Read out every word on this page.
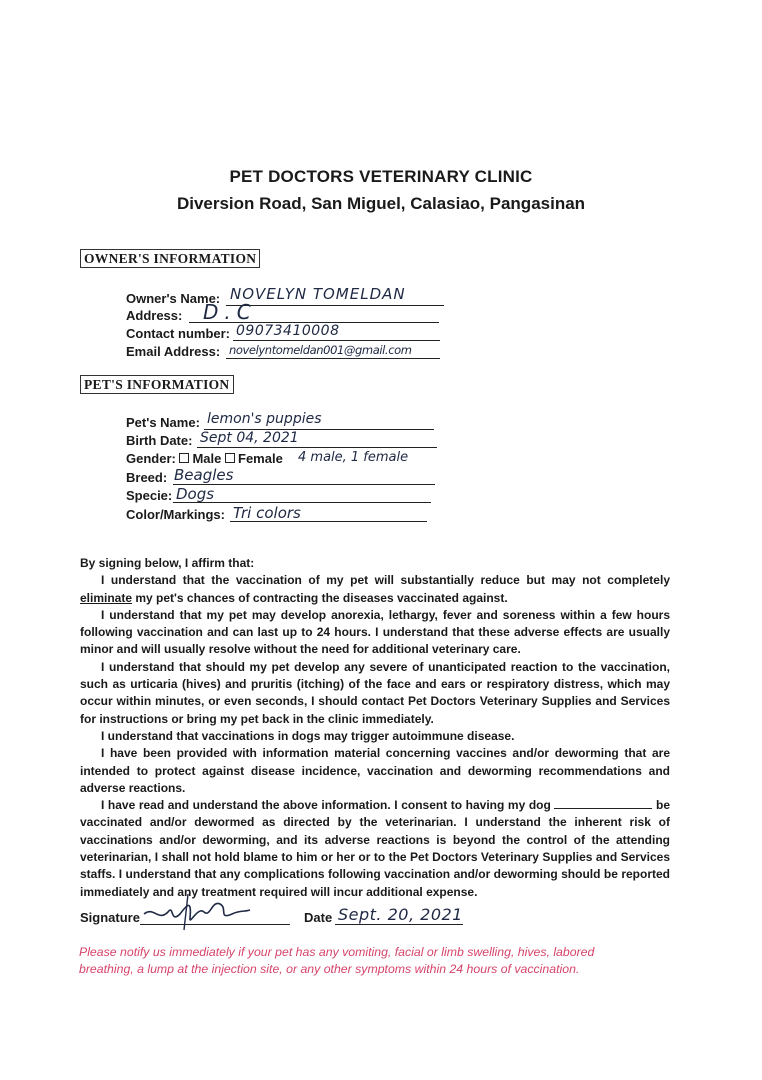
PET DOCTORS VETERINARY CLINIC
Diversion Road, San Miguel, Calasiao, Pangasinan
OWNER'S INFORMATION
Owner's Name: NOVELYN TOMELDAN
Address: D.C
Contact number: 09073410008
Email Address: novelyntomeldan001@gmail.com
PET'S INFORMATION
Pet's Name: lemon's puppies
Birth Date: Sept 04, 2021
Gender: Male Female 4 male, 1 female
Breed: Beagles
Specie: Dogs
Color/Markings: Tri colors

By signing below, I affirm that:

I understand that the vaccination of my pet will substantially reduce but may not completely eliminate my pet's chances of contracting the diseases vaccinated against.

I understand that my pet may develop anorexia, lethargy, fever and soreness within a few hours following vaccination and can last up to 24 hours. I understand that these adverse effects are usually minor and will usually resolve without the need for additional veterinary care.

I understand that should my pet develop any severe of unanticipated reaction to the vaccination, such as urticaria (hives) and pruritis (itching) of the face and ears or respiratory distress, which may occur within minutes, or even seconds, I should contact Pet Doctors Veterinary Supplies and Services for instructions or bring my pet back in the clinic immediately.

I understand that vaccinations in dogs may trigger autoimmune disease.

I have been provided with information material concerning vaccines and/or deworming that are intended to protect against disease incidence, vaccination and deworming recommendations and adverse reactions.

I have read and understand the above information. I consent to having my dog	be vaccinated and/or dewormed as directed by the veterinarian. I understand the inherent risk of vaccinations and/or deworming, and its adverse reactions is beyond the control of the attending veterinarian, I shall not hold blame to him or her or to the Pet Doctors Veterinary Supplies and Services staffs. I understand that any complications following vaccination and/or deworming should be reported immediately and any treatment required will incur additional expense.

Signature	Date Sept. 20, 2021
Please notify us immediately if your pet has any vomiting, facial or limb swelling, hives, labored breathing, a lump at the injection site, or any other symptoms within 24 hours of vaccination.
